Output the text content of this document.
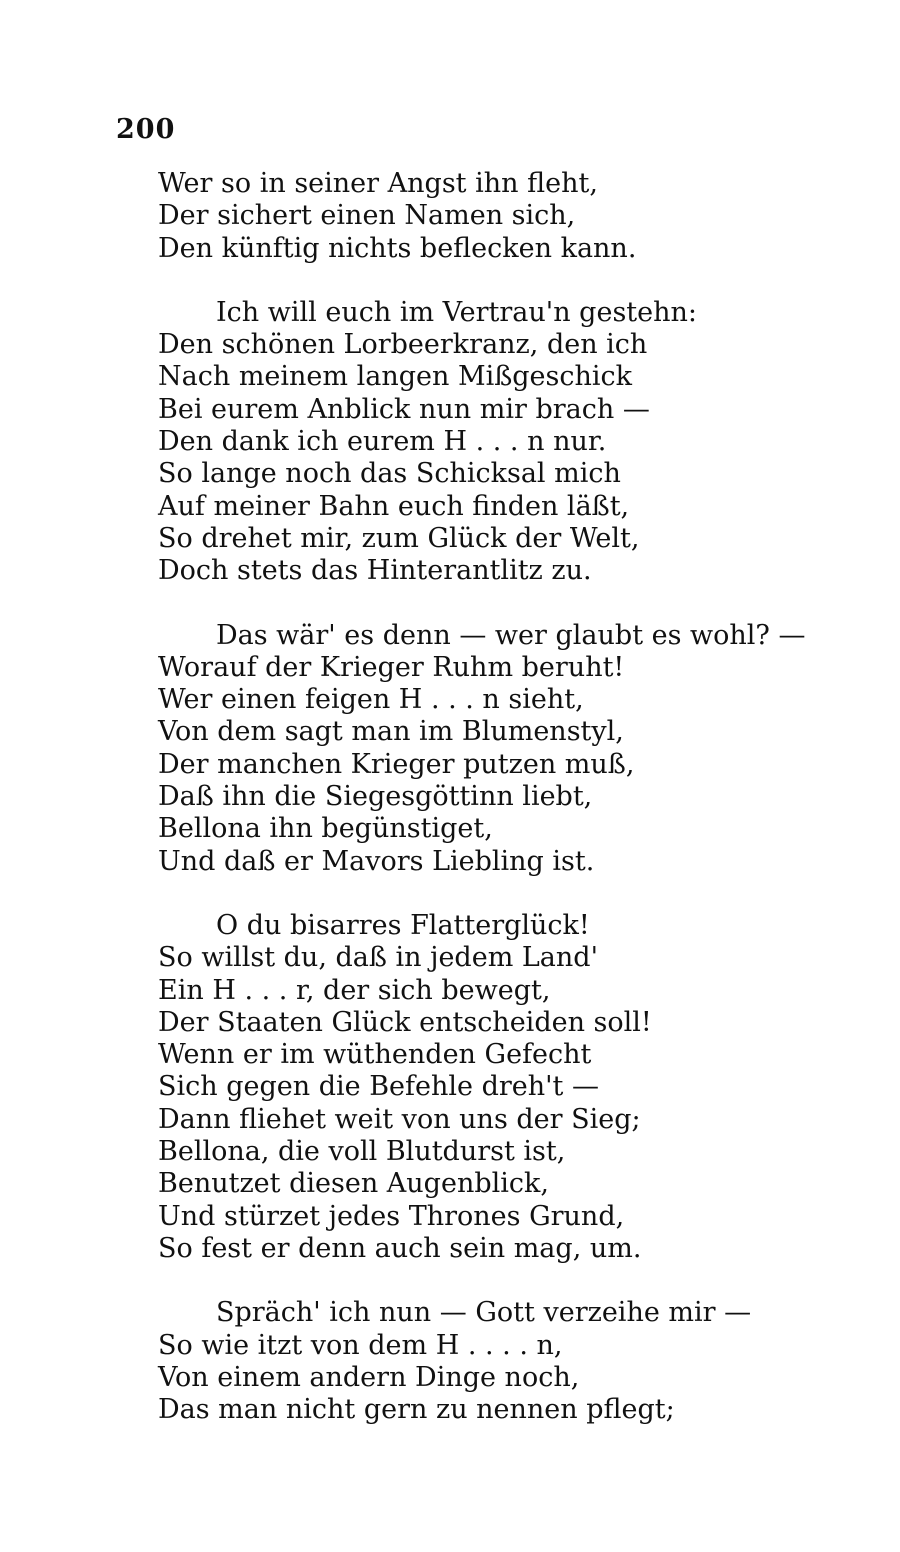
200
Wer so in seiner Angst ihn fleht,
Der sichert einen Namen sich,
Den künftig nichts beflecken kann.
Ich will euch im Vertrau'n gestehn:
Den schönen Lorbeerkranz, den ich
Nach meinem langen Mißgeschick
Bei eurem Anblick nun mir brach —
Den dank ich eurem H . . . n nur.
So lange noch das Schicksal mich
Auf meiner Bahn euch finden läßt,
So drehet mir, zum Glück der Welt,
Doch stets das Hinterantlitz zu.
Das wär' es denn — wer glaubt es wohl? —
Worauf der Krieger Ruhm beruht!
Wer einen feigen H . . . n sieht,
Von dem sagt man im Blumenstyl,
Der manchen Krieger putzen muß,
Daß ihn die Siegesgöttinn liebt,
Bellona ihn begünstiget,
Und daß er Mavors Liebling ist.
O du bisarres Flatterglück!
So willst du, daß in jedem Land'
Ein H . . . r, der sich bewegt,
Der Staaten Glück entscheiden soll!
Wenn er im wüthenden Gefecht
Sich gegen die Befehle dreh't —
Dann fliehet weit von uns der Sieg;
Bellona, die voll Blutdurst ist,
Benutzet diesen Augenblick,
Und stürzet jedes Thrones Grund,
So fest er denn auch sein mag, um.
Spräch' ich nun — Gott verzeihe mir —
So wie itzt von dem H . . . . n,
Von einem andern Dinge noch,
Das man nicht gern zu nennen pflegt;
